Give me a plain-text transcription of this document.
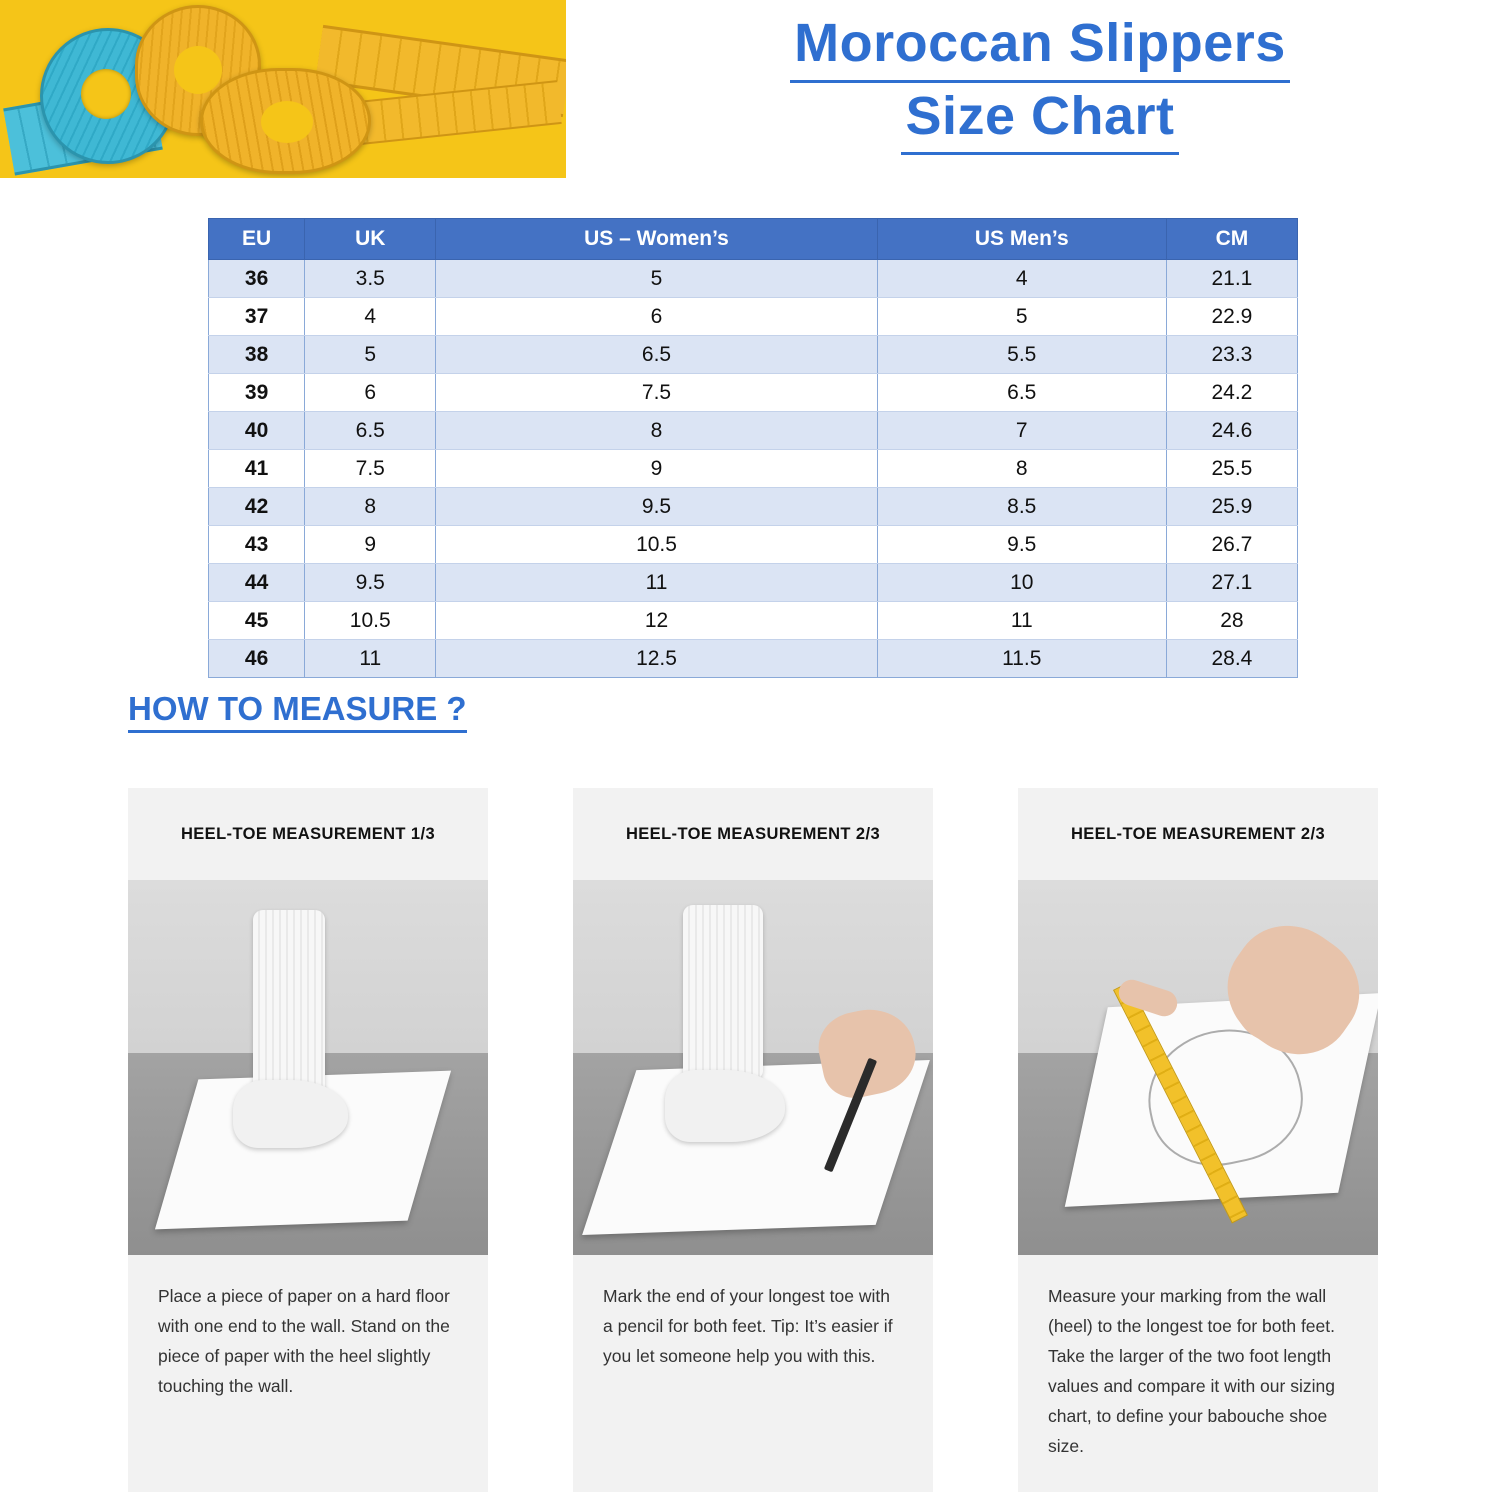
Moroccan Slippers
Size Chart
EU	UK	US – Women’s	US Men’s	CM
36	3.5	5	4	21.1
37	4	6	5	22.9
38	5	6.5	5.5	23.3
39	6	7.5	6.5	24.2
40	6.5	8	7	24.6
41	7.5	9	8	25.5
42	8	9.5	8.5	25.9
43	9	10.5	9.5	26.7
44	9.5	11	10	27.1
45	10.5	12	11	28
46	11	12.5	11.5	28.4
HOW TO MEASURE ?
HEEL-TOE MEASUREMENT 1/3
Place a piece of paper on a hard floor with one end to the wall. Stand on the piece of paper with the heel slightly touching the wall.
HEEL-TOE MEASUREMENT 2/3
Mark the end of your longest toe with a pencil for both feet. Tip: It’s easier if you let someone help you with this.
HEEL-TOE MEASUREMENT 2/3
Measure your marking from the wall (heel) to the longest toe for both feet. Take the larger of the two foot length values and compare it with our sizing chart, to define your babouche shoe size.
